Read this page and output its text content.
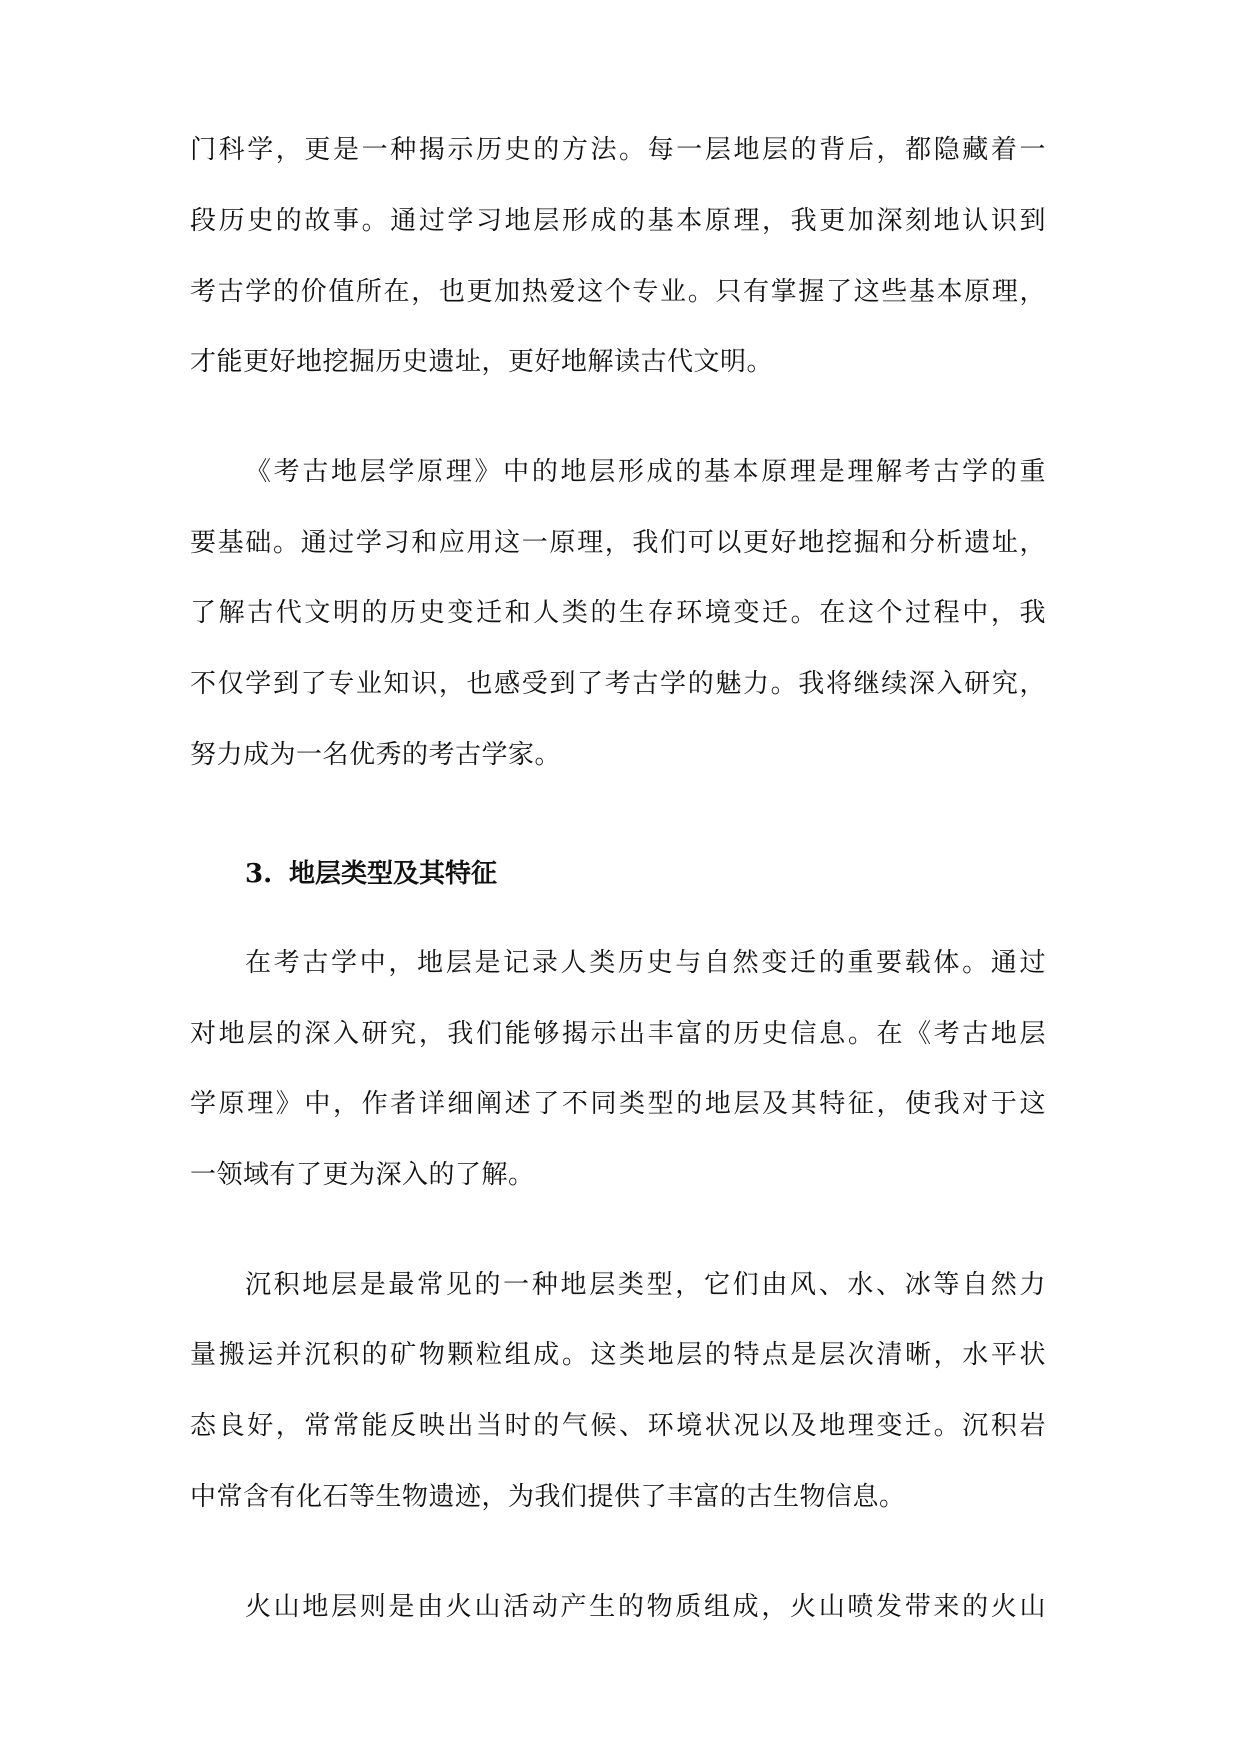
门科学，更是一种揭示历史的方法。每一层地层的背后，都隐藏着一
段历史的故事。通过学习地层形成的基本原理，我更加深刻地认识到
考古学的价值所在，也更加热爱这个专业。只有掌握了这些基本原理，
才能更好地挖掘历史遗址，更好地解读古代文明。
《考古地层学原理》中的地层形成的基本原理是理解考古学的重
要基础。通过学习和应用这一原理，我们可以更好地挖掘和分析遗址，
了解古代文明的历史变迁和人类的生存环境变迁。在这个过程中，我
不仅学到了专业知识，也感受到了考古学的魅力。我将继续深入研究，
努力成为一名优秀的考古学家。
3. 地层类型及其特征
在考古学中，地层是记录人类历史与自然变迁的重要载体。通过
对地层的深入研究，我们能够揭示出丰富的历史信息。在《考古地层
学原理》中，作者详细阐述了不同类型的地层及其特征，使我对于这
一领域有了更为深入的了解。
沉积地层是最常见的一种地层类型，它们由风、水、冰等自然力
量搬运并沉积的矿物颗粒组成。这类地层的特点是层次清晰，水平状
态良好，常常能反映出当时的气候、环境状况以及地理变迁。沉积岩
中常含有化石等生物遗迹，为我们提供了丰富的古生物信息。
火山地层则是由火山活动产生的物质组成，火山喷发带来的火山
